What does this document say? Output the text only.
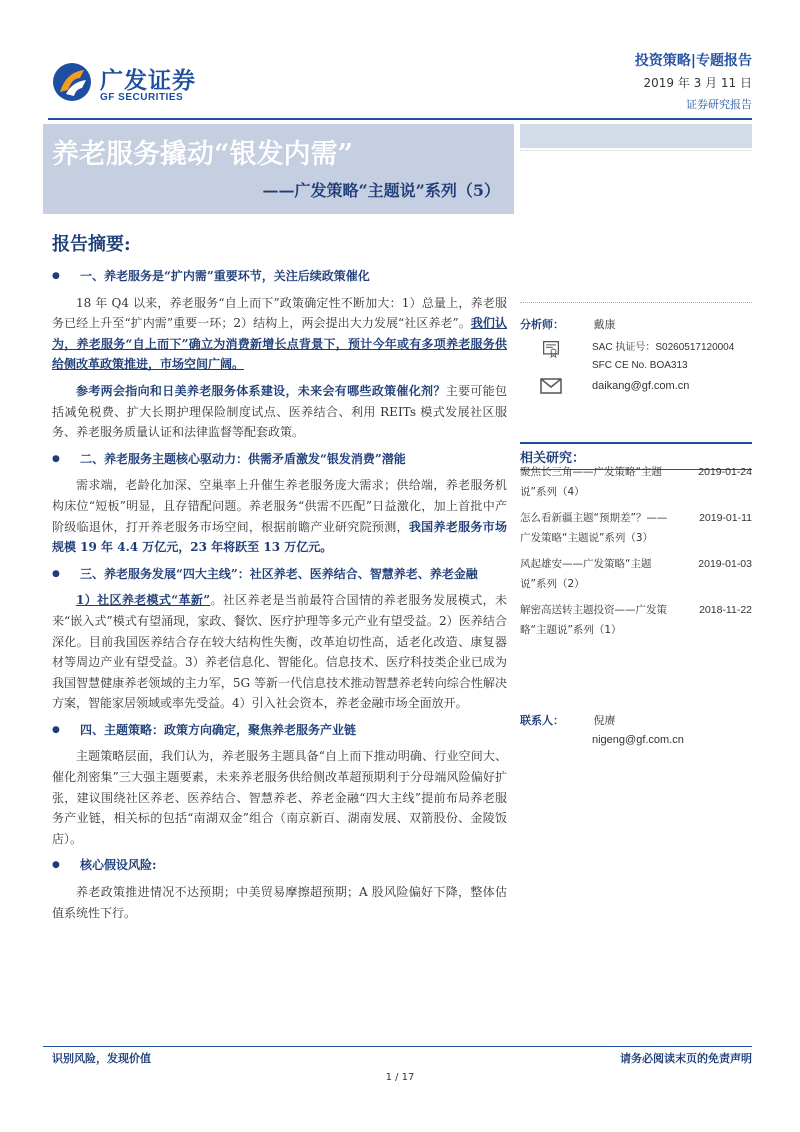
广发证券
GF SECURITIES
投资策略|专题报告
2019 年 3 月 11 日
证券研究报告
养老服务撬动“银发内需”
——广发策略“主题说”系列（5）
报告摘要:
● 一、养老服务是“扩内需”重要环节，关注后续政策催化

18 年 Q4 以来，养老服务“自上而下”政策确定性不断加大：1）总量上，养老服务已经上升至“扩内需”重要一环；2）结构上，两会提出大力发展“社区养老”。我们认为，养老服务“自上而下”确立为消费新增长点背景下，预计今年或有多项养老服务供给侧改革政策推进，市场空间广阔。

参考两会指向和日美养老服务体系建设，未来会有哪些政策催化剂？主要可能包括减免税费、扩大长期护理保险制度试点、医养结合、利用 REITs 模式发展社区服务、养老服务质量认证和法律监督等配套政策。

● 二、养老服务主题核心驱动力：供需矛盾激发“银发消费”潜能

需求端，老龄化加深、空巢率上升催生养老服务庞大需求；供给端，养老服务机构床位“短板”明显，且存错配问题。养老服务“供需不匹配”日益激化，加上首批中产阶级临退休，打开养老服务市场空间，根据前瞻产业研究院预测，我国养老服务市场规模 19 年 4.4 万亿元，23 年将跃至 13 万亿元。

● 三、养老服务发展“四大主线”：社区养老、医养结合、智慧养老、养老金融

1）社区养老模式“革新”。社区养老是当前最符合国情的养老服务发展模式，未来“嵌入式”模式有望涌现，家政、餐饮、医疗护理等多元产业有望受益。2）医养结合深化。目前我国医养结合存在较大结构性失衡，改革迫切性高，适老化改造、康复器材等周边产业有望受益。3）养老信息化、智能化。信息技术、医疗科技类企业已成为我国智慧健康养老领域的主力军，5G 等新一代信息技术推动智慧养老转向综合性解决方案，智能家居领域或率先受益。4）引入社会资本，养老金融市场全面放开。

● 四、主题策略：政策方向确定，聚焦养老服务产业链

主题策略层面，我们认为，养老服务主题具备“自上而下推动明确、行业空间大、催化剂密集”三大强主题要素，未来养老服务供给侧改革超预期利于分母端风险偏好扩张，建议围绕社区养老、医养结合、智慧养老、养老金融“四大主线”提前布局养老服务产业链，相关标的包括“南湖双金”组合（南京新百、湖南发展、双箭股份、金陵饭店）。

● 核心假设风险:

养老政策推进情况不达预期；中美贸易摩擦超预期；A 股风险偏好下降，整体估值系统性下行。

分析师：	戴康
SAC 执证号：S0260517120004
SFC CE No. BOA313
daikang@gf.com.cn
相关研究：
聚焦长三角——广发策略“主题说”系列（4）
2019-01-24
怎么看新疆主题“预期差”？——广发策略“主题说”系列（3）
2019-01-11
风起雄安——广发策略“主题说”系列（2）
2019-01-03
解密高送转主题投资——广发策略“主题说”系列（1）
2018-11-22
联系人：	倪赓
nigeng@gf.com.cn
识别风险，发现价值	请务必阅读末页的免责声明
1 / 17
